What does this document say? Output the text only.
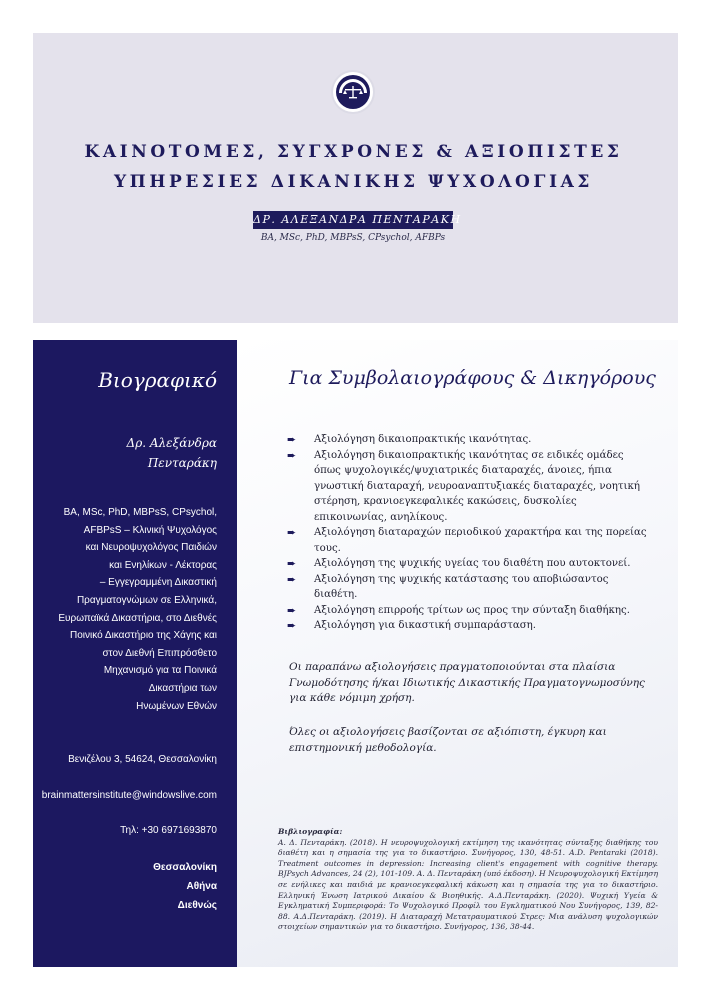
ΚΑΙΝΟΤΟΜΕΣ, ΣΥΓΧΡΟΝΕΣ & ΑΞΙΟΠΙΣΤΕΣ
ΥΠΗΡΕΣΙΕΣ ΔΙΚΑΝΙΚΗΣ ΨΥΧΟΛΟΓΙΑΣ
ΔΡ. ΑΛΕΞΑΝΔΡΑ ΠΕΝΤΑΡΑΚΗ
BA, MSc, PhD, MBPsS, CPsychol, AFBPs
Βιογραφικό
Δρ. Αλεξάνδρα
Πενταράκη
BA, MSc, PhD, MBPsS, CPsychol,
AFBPsS – Κλινική Ψυχολόγος
και Νευροψυχολόγος Παιδιών
και Ενηλίκων - Λέκτορας
– Εγγεγραμμένη Δικαστική
Πραγματογνώμων σε Ελληνικά,
Ευρωπαϊκά Δικαστήρια, στο Διεθνές
Ποινικό Δικαστήριο της Χάγης και
στον Διεθνή Επιπρόσθετο
Μηχανισμό για τα Ποινικά
Δικαστήρια των
Ηνωμένων Εθνών
Βενιζέλου 3, 54624, Θεσσαλονίκη
brainmattersinstitute@windowslive.com
Τηλ: +30 6971693870
Θεσσαλονίκη
Αθήνα
Διεθνώς
Για Συμβολαιογράφους & Δικηγόρους
➨ Αξιολόγηση δικαιοπρακτικής ικανότητας.
➨ Αξιολόγηση δικαιοπρακτικής ικανότητας σε ειδικές ομάδες όπως ψυχολογικές/ψυχιατρικές διαταραχές, άνοιες, ήπια γνωστική διαταραχή, νευροαναπτυξιακές διαταραχές, νοητική στέρηση, κρανιοεγκεφαλικές κακώσεις, δυσκολίες επικοινωνίας, ανηλίκους.
➨ Αξιολόγηση διαταραχών περιοδικού χαρακτήρα και της πορείας τους.
➨ Αξιολόγηση της ψυχικής υγείας του διαθέτη που αυτοκτονεί.
➨ Αξιολόγηση της ψυχικής κατάστασης του αποβιώσαντος διαθέτη.
➨ Αξιολόγηση επιρροής τρίτων ως προς την σύνταξη διαθήκης.
➨ Αξιολόγηση για δικαστική συμπαράσταση.
Οι παραπάνω αξιολογήσεις πραγματοποιούνται στα πλαίσια Γνωμοδότησης ή/και Ιδιωτικής Δικαστικής Πραγματογνωμοσύνης για κάθε νόμιμη χρήση.
Όλες οι αξιολογήσεις βασίζονται σε αξιόπιστη, έγκυρη και επιστημονική μεθοδολογία.
Βιβλιογραφία:
Α. Δ. Πενταράκη. (2018). Η νευροψυχολογική εκτίμηση της ικανότητας σύνταξης διαθήκης του διαθέτη και η σημασία της για το δικαστήριο. Συνήγορος, 130, 48-51. A.D. Pentaraki (2018). Treatment outcomes in depression: Increasing client's engagement with cognitive therapy. BJPsych Advances, 24 (2), 101-109. Α. Δ. Πενταράκη (υπό έκδοση). Η Νευροψυχολογική Εκτίμηση σε ενήλικες και παιδιά με κρανιοεγκεφαλική κάκωση και η σημασία της για το δικαστήριο. Ελληνική Ένωση Ιατρικού Δικαίου & Βιοηθικής. Α.Δ.Πενταράκη. (2020). Ψυχική Υγεία & Εγκληματική Συμπεριφορά: Το Ψυχολογικό Προφίλ του Εγκληματικού Νου Συνήγορος, 139, 82-88. Α.Δ.Πενταράκη. (2019). Η Διαταραχή Μετατραυματικού Στρες: Μια ανάλυση ψυχολογικών στοιχείων σημαντικών για το δικαστήριο. Συνήγορος, 136, 38-44.
